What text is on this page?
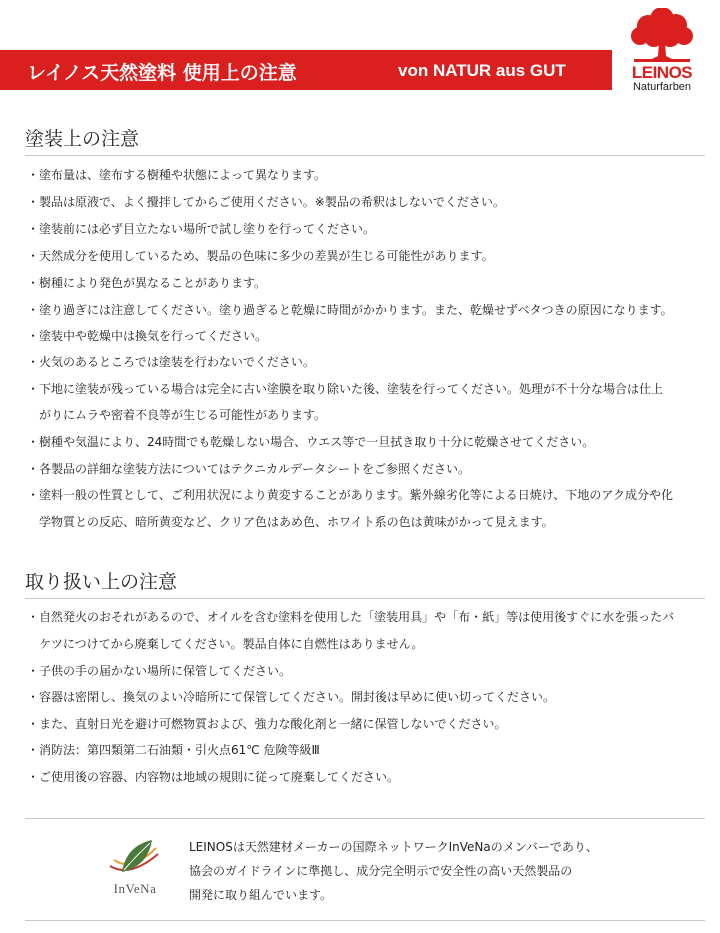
レイノス天然塗料 使用上の注意	von NATUR aus GUT	LEINOS
Naturfarben
塗装上の注意
・塗布量は、塗布する樹種や状態によって異なります。
・製品は原液で、よく攪拌してからご使用ください。※製品の希釈はしないでください。
・塗装前には必ず目立たない場所で試し塗りを行ってください。
・天然成分を使用しているため、製品の色味に多少の差異が生じる可能性があります。
・樹種により発色が異なることがあります。
・塗り過ぎには注意してください。塗り過ぎると乾燥に時間がかかります。また、乾燥せずベタつきの原因になります。
・塗装中や乾燥中は換気を行ってください。
・火気のあるところでは塗装を行わないでください。
・下地に塗装が残っている場合は完全に古い塗膜を取り除いた後、塗装を行ってください。処理が不十分な場合は仕上
　がりにムラや密着不良等が生じる可能性があります。
・樹種や気温により、24時間でも乾燥しない場合、ウエス等で一旦拭き取り十分に乾燥させてください。
・各製品の詳細な塗装方法についてはテクニカルデータシートをご参照ください。
・塗料一般の性質として、ご利用状況により黄変することがあります。紫外線劣化等による日焼け、下地のアク成分や化
　学物質との反応、暗所黄変など、クリア色はあめ色、ホワイト系の色は黄味がかって見えます。
取り扱い上の注意
・自然発火のおそれがあるので、オイルを含む塗料を使用した「塗装用具」や「布・紙」等は使用後すぐに水を張ったバ
　ケツにつけてから廃棄してください。製品自体に自燃性はありません。
・子供の手の届かない場所に保管してください。
・容器は密閉し、換気のよい冷暗所にて保管してください。開封後は早めに使い切ってください。
・また、直射日光を避け可燃物質および、強力な酸化剤と一緒に保管しないでください。
・消防法：第四類第二石油類・引火点61℃ 危険等級Ⅲ
・ご使用後の容器、内容物は地域の規則に従って廃棄してください。
InVeNa
LEINOSは天然建材メーカーの国際ネットワークInVeNaのメンバーであり、
協会のガイドラインに準拠し、成分完全明示で安全性の高い天然製品の
開発に取り組んでいます。
